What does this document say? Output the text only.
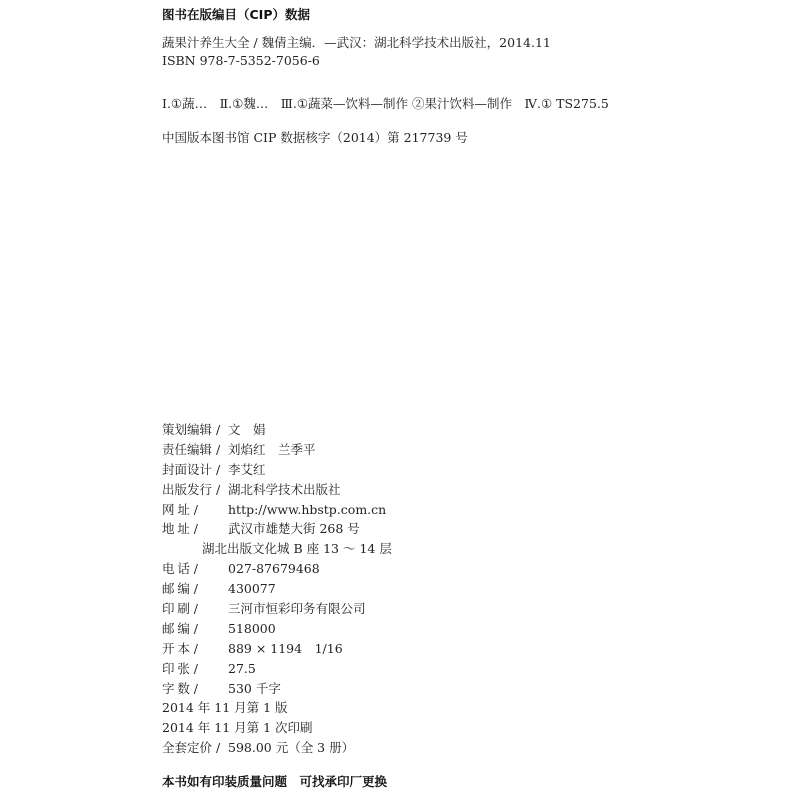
图书在版编目（CIP）数据
蔬果汁养生大全 / 魏倩主编．—武汉：湖北科学技术出版社，2014.11
ISBN 978-7-5352-7056-6
Ⅰ.①蔬…　Ⅱ.①魏…　Ⅲ.①蔬菜—饮料—制作 ②果汁饮料—制作　Ⅳ.① TS275.5
中国版本图书馆 CIP 数据核字（2014）第 217739 号
策划编辑 / 文　娟
责任编辑 / 刘焰红　兰季平
封面设计 / 李艾红
出版发行 / 湖北科学技术出版社
网 址 / http://www.hbstp.com.cn
地 址 / 武汉市雄楚大街 268 号
湖北出版文化城 B 座 13 ～ 14 层
电 话 / 027-87679468
邮 编 / 430077
印 刷 / 三河市恒彩印务有限公司
邮 编 / 518000
开 本 / 889 × 1194　1/16
印 张 / 27.5
字 数 / 530 千字
2014 年 11 月第 1 版
2014 年 11 月第 1 次印刷
全套定价 / 598.00 元（全 3 册）
本书如有印装质量问题　可找承印厂更换
